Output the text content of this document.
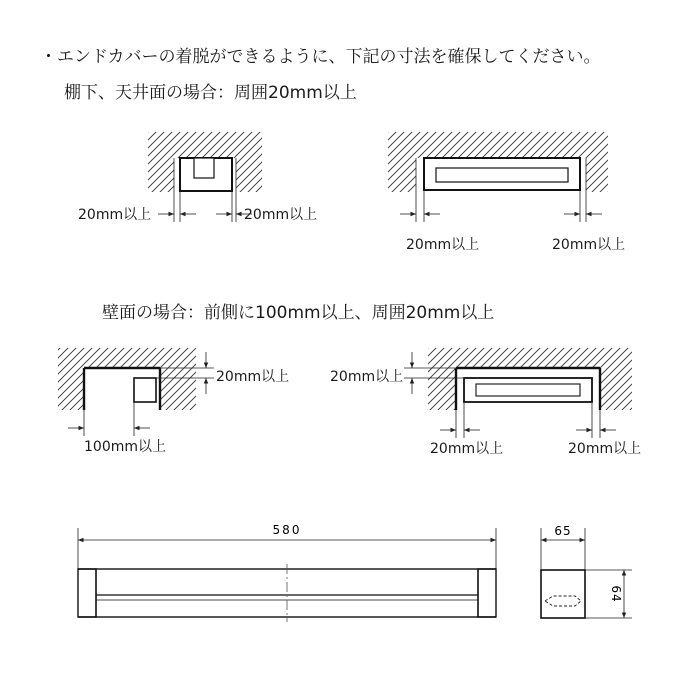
・エンドカバーの着脱ができるように、下記の寸法を確保してください。
棚下、天井面の場合：周囲20mm以上
壁面の場合：前側に100mm以上、周囲20mm以上
20mm以上	20mm以上
20mm以上	20mm以上
20mm以上
100mm以上
20mm以上
20mm以上	20mm以上
580	65
64
